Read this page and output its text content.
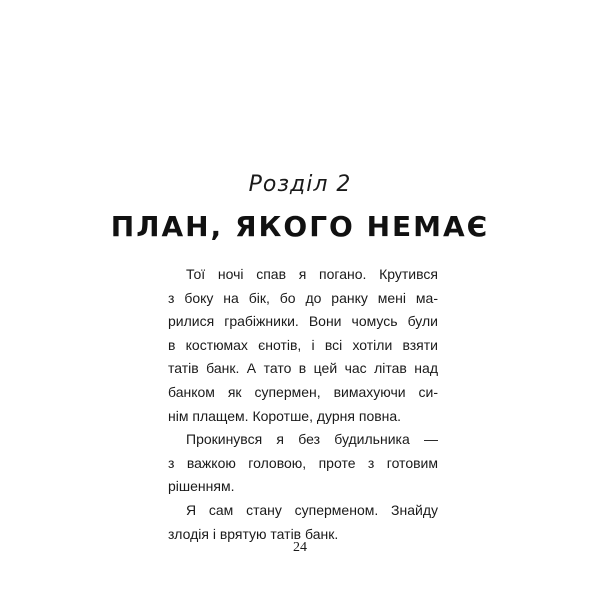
Розділ 2
ПЛАН, ЯКОГО НЕМАЄ
Тої ночі спав я погано. Крутився
з боку на бік, бо до ранку мені ма-
рилися грабіжники. Вони чомусь були
в костюмах єнотів, і всі хотіли взяти
татів банк. А тато в цей час літав над
банком як супермен, вимахуючи си-
нім плащем. Коротше, дурня повна.
Прокинувся я без будильника —
з важкою головою, проте з готовим
рішенням.
Я сам стану суперменом. Знайду
злодія і врятую татів банк.
24
